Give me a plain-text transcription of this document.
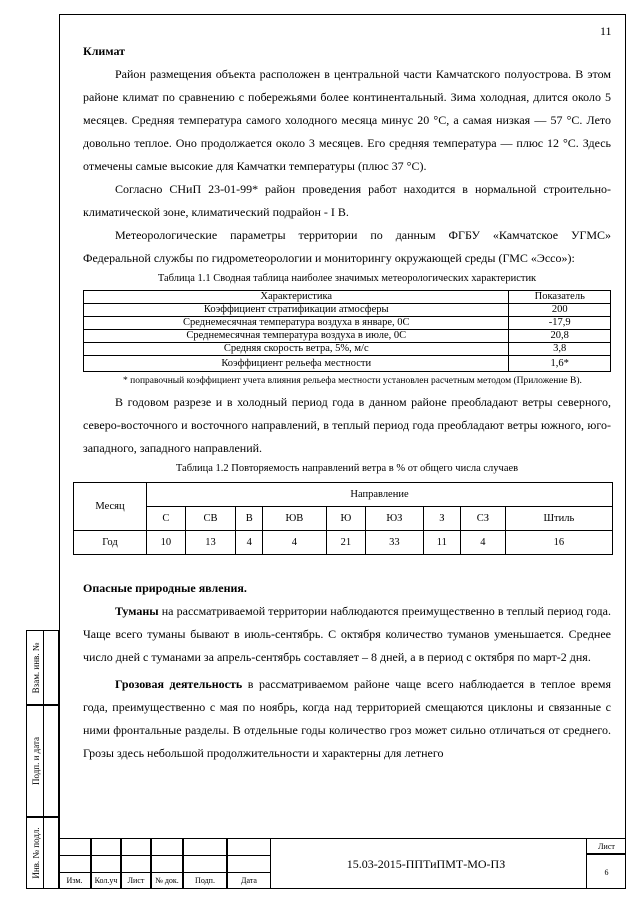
11

Климат

Район размещения объекта расположен в центральной части Камчатского полуострова. В этом районе климат по сравнению с побережьями более континентальный. Зима холодная, длится около 5 месяцев. Средняя температура самого холодного месяца минус 20 °С, а самая низкая — 57 °С. Лето довольно теплое. Оно продолжается около 3 месяцев. Его средняя температура — плюс 12 °С. Здесь отмечены самые высокие для Камчатки температуры (плюс 37 °С).

Согласно СНиП 23-01-99* район проведения работ находится в нормальной строительно-климатической зоне, климатический подрайон - I В.

Метеорологические параметры территории по данным ФГБУ «Камчатское УГМС» Федеральной службы по гидрометеорологии и мониторингу окружающей среды (ГМС «Эссо»):

Таблица 1.1 Сводная таблица наиболее значимых метеорологических характеристик
Характеристика	Показатель
Коэффициент стратификации атмосферы	200
Среднемесячная температура воздуха в январе, 0С	-17,9
Среднемесячная температура воздуха в июле, 0С	20,8
Средняя скорость ветра, 5%, м/с	3,8
Коэффициент рельефа местности	1,6*
* поправочный коэффициент учета влияния рельефа местности установлен расчетным методом (Приложение В).

В годовом разрезе и в холодный период года в данном районе преобладают ветры северного, северо-восточного и восточного направлений, в теплый период года преобладают ветры южного, юго-западного, западного направлений.

Таблица 1.2 Повторяемость направлений ветра в % от общего числа случаев
Месяц	Направление								
	С	СВ	В	ЮВ	Ю	ЮЗ	З	СЗ	Штиль
Год	10	13	4	4	21	33	11	4	16

Опасные природные явления.

Туманы на рассматриваемой территории наблюдаются преимущественно в теплый период года. Чаще всего туманы бывают в июль-сентябрь. С октября количество туманов уменьшается. Среднее число дней с туманами за апрель-сентябрь составляет – 8 дней, а в период с октября по март-2 дня.

Грозовая деятельность в рассматриваемом районе чаще всего наблюдается в теплое время года, преимущественно с мая по ноябрь, когда над территорией смещаются циклоны и связанные с ними фронтальные разделы. В отдельные годы количество гроз может сильно отличаться от среднего. Грозы здесь небольшой продолжительности и характерны для летнего

Взам. инв. №
Подп. и дата
Инв. № подл.
Изм.	Кол.уч	Лист	№ док.	Подп.	Дата
15.03-2015-ППТиПМТ-МО-ПЗ
Лист
6
